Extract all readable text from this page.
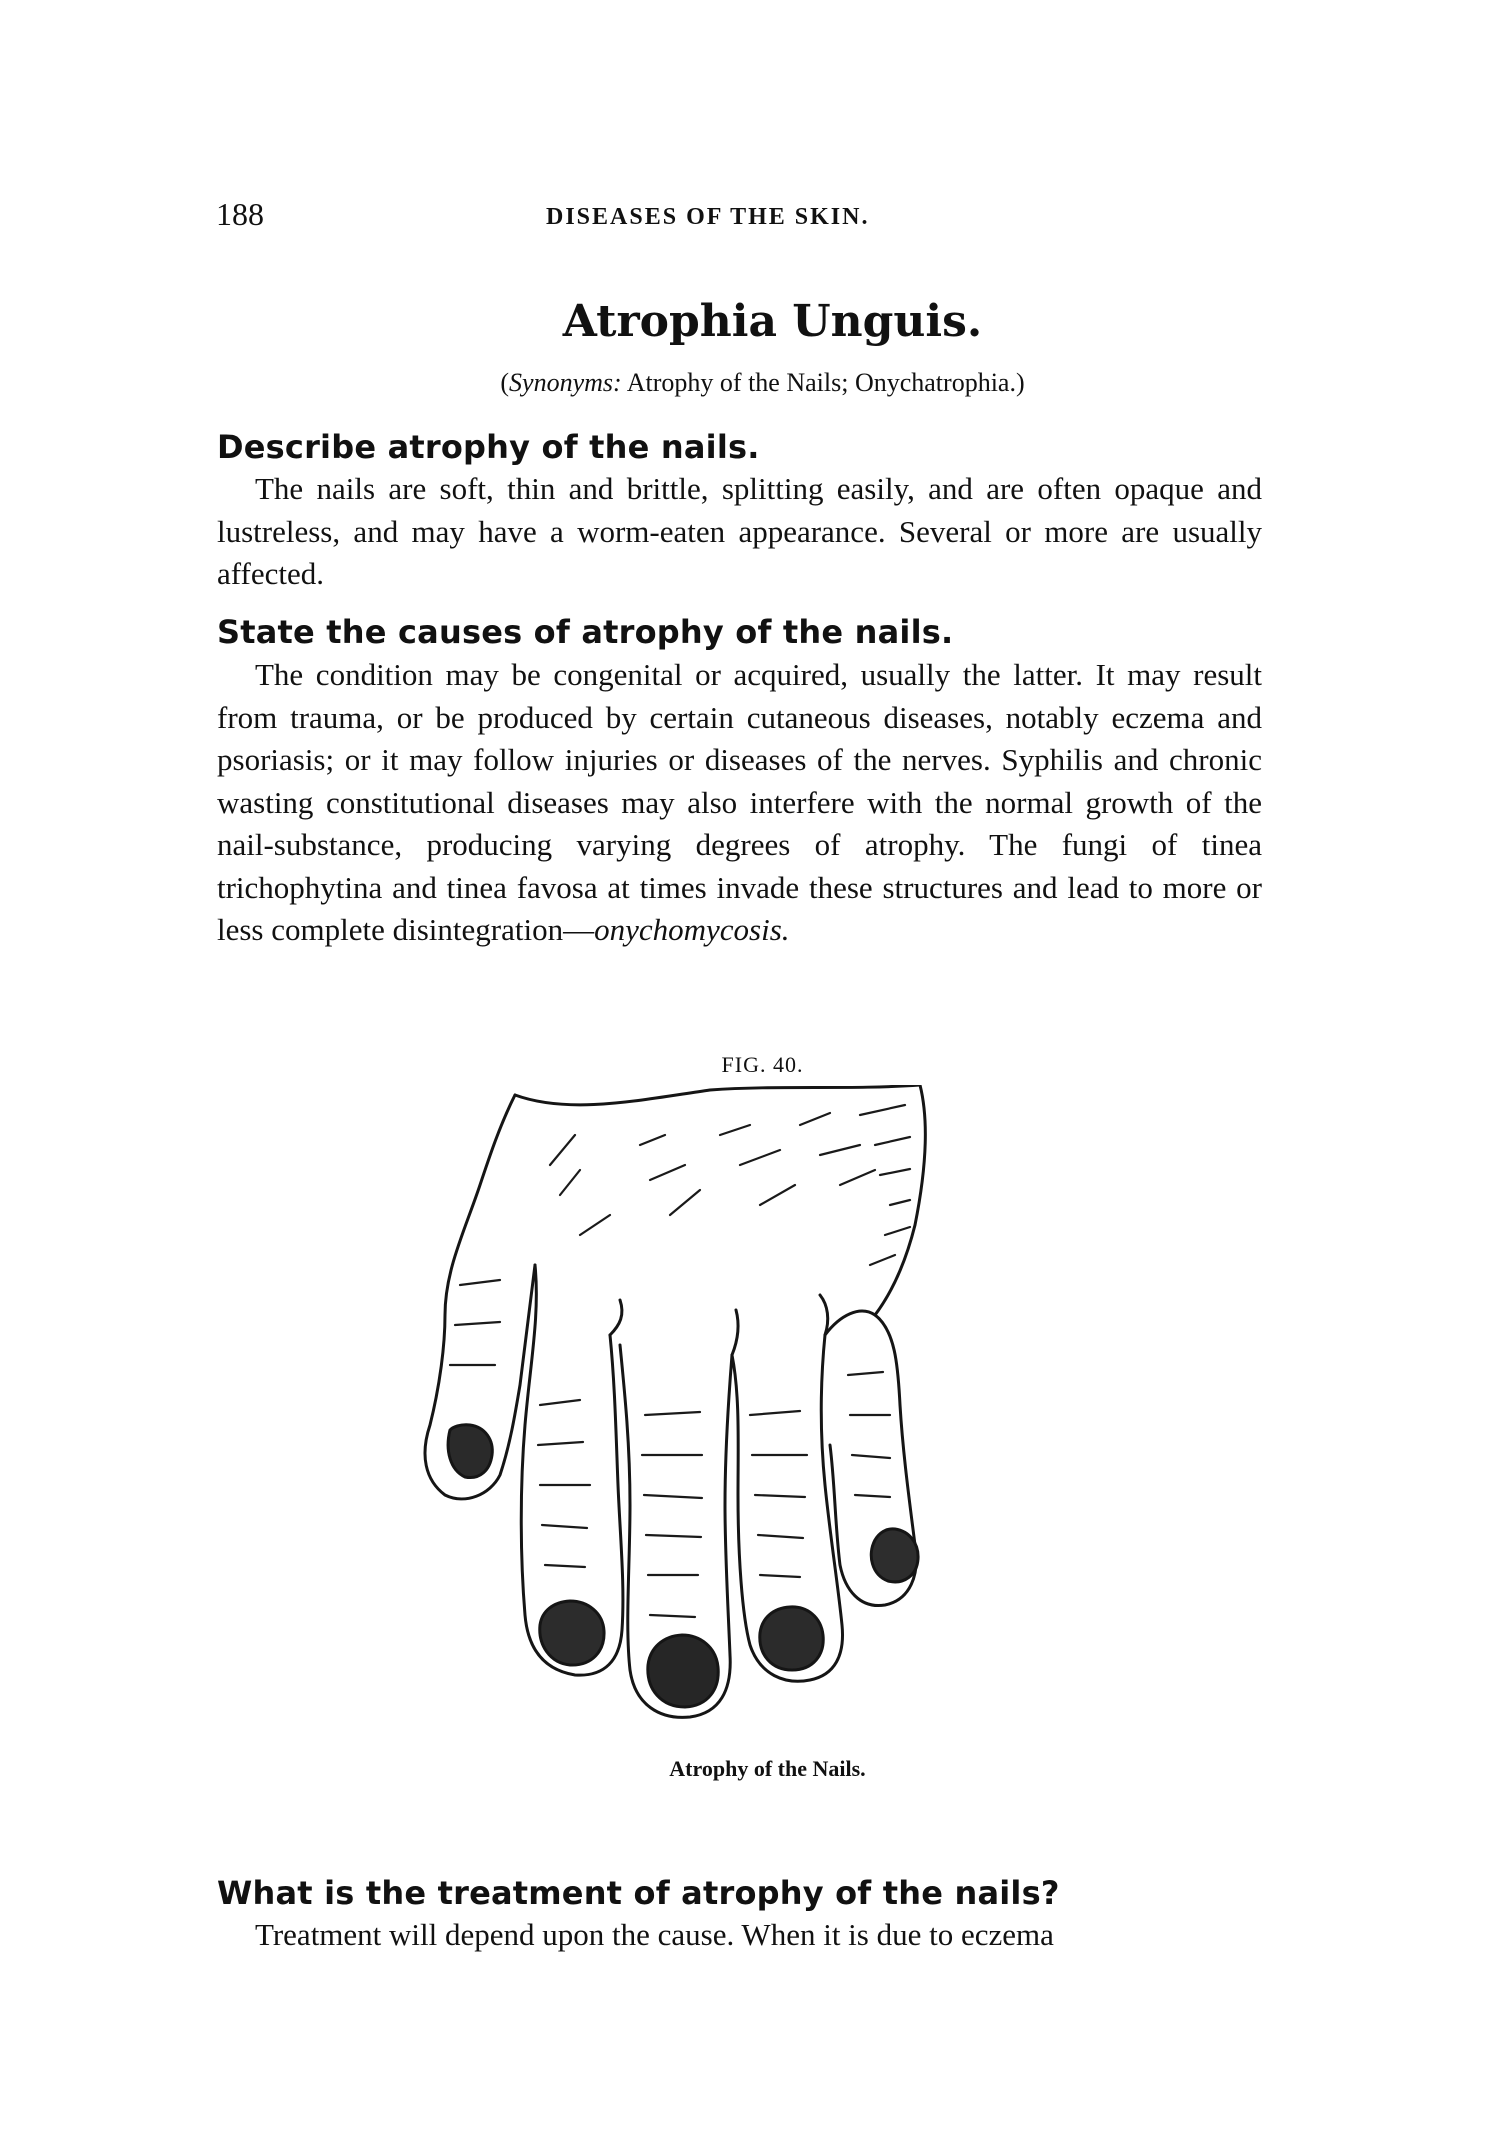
188	DISEASES OF THE SKIN.
Atrophia Unguis.
(Synonyms: Atrophy of the Nails; Onychatrophia.)
Describe atrophy of the nails.
The nails are soft, thin and brittle, splitting easily, and are often opaque and lustreless, and may have a worm-eaten appearance. Several or more are usually affected.
State the causes of atrophy of the nails.
The condition may be congenital or acquired, usually the latter. It may result from trauma, or be produced by certain cutaneous diseases, notably eczema and psoriasis; or it may follow injuries or diseases of the nerves. Syphilis and chronic wasting constitutional diseases may also interfere with the normal growth of the nail-substance, producing varying degrees of atrophy. The fungi of tinea trichophytina and tinea favosa at times invade these structures and lead to more or less complete disintegration—onychomycosis.
FIG. 40.
Atrophy of the Nails.
What is the treatment of atrophy of the nails?
Treatment will depend upon the cause. When it is due to eczema
